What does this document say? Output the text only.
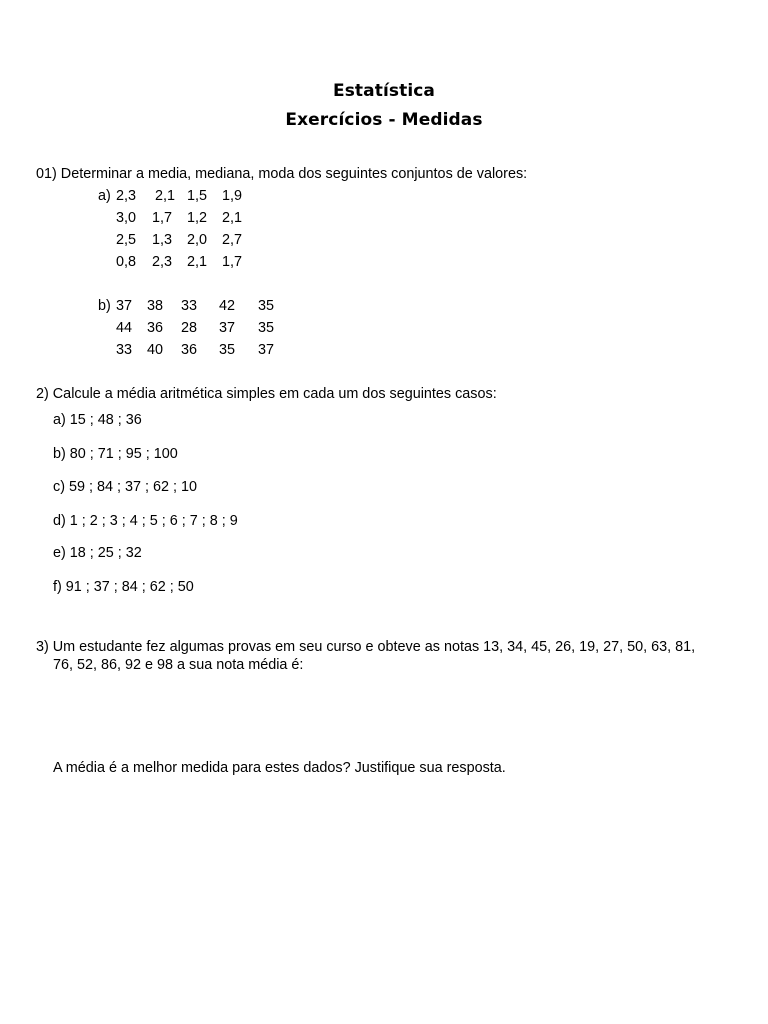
Estatística
Exercícios - Medidas
01) Determinar a media, mediana, moda dos seguintes conjuntos de valores:
a) 2,3 2,1 1,5 1,9
3,0 1,7 1,2 2,1
2,5 1,3 2,0 2,7
0,8 2,3 2,1 1,7
b) 37 38 33 42 35
44 36 28 37 35
33 40 36 35 37
2) Calcule a média aritmética simples em cada um dos seguintes casos:
a) 15 ; 48 ; 36
b) 80 ; 71 ; 95 ; 100
c) 59 ; 84 ; 37 ; 62 ; 10
d) 1 ; 2 ; 3 ; 4 ; 5 ; 6 ; 7 ; 8 ; 9
e) 18 ; 25 ; 32
f) 91 ; 37 ; 84 ; 62 ; 50
3) Um estudante fez algumas provas em seu curso e obteve as notas 13, 34, 45, 26, 19, 27, 50, 63, 81,
76, 52, 86, 92 e 98 a sua nota média é:
A média é a melhor medida para estes dados? Justifique sua resposta.
